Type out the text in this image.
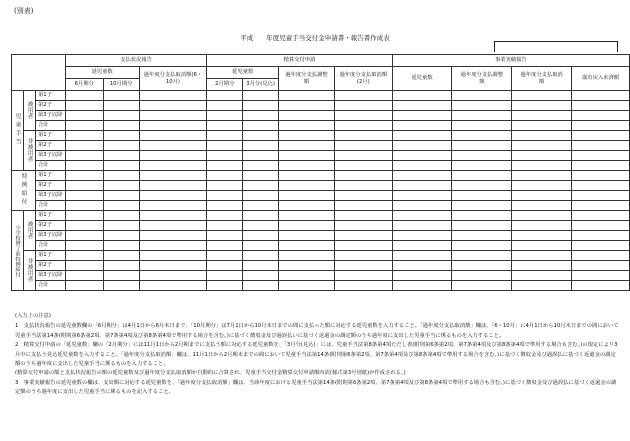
(別表)
平成　　年度児童手当交付金申請書・報告書作成表
			支払状況報告			精算交付申請				事業実績報告			
			延児童数		過年度分支払取消額(6・10月)	延児童数		過年度分支払調整額	過年度分支払取消額(2月)	延児童数	過年度分支払調整額	過年度分支払取消額	歳出戻入未済額
			6月期分	10月期分		2月期分	3月分(見込)						
児童手当	被用者	第1子											
		第2子											
		第3子以降											
		合計											
	非被用者	第1子											
		第2子											
		第3子以降											
		合計											
特例給付		第1子											
		第2子											
		第3子以降											
		合計											
小学校修了前特例給付	被用者	第1子											
		第2子											
		第3子以降											
		合計											
	非被用者	第1子											
		第2子											
		第3子以降											
		合計											
(入力上の注意)

1　支払状況報告の延児童数欄の「6月期分」は4月1日から6月末日まで、「10月期分」は7月1日から10月末日までの間に支払った額に対応する延児童数を入力すること。「過年度分支払取消額」欄は、「6・10月」に4月1日から10月末日までの間において児童手当法第14条(附則第6条第2項、第7条第4項及び第8条第4項で準用する場合を含む。)に基づく徴収金及び過誤払いに基づく返還金の調定額のうち過年度に支出した児童手当に係るものを入力すること。

2　精算交付申請の「延児童数」欄の「2月期分」には11月1日から2月期までに支払う額に対応する延児童数を、「3月分(見込)」には、児童手当法第8条第4項ただし書(附則第6条第2項、第7条第4項及び第8条第4項で準用する場合も含む。)の規定により3月中に支払う見込延児童数を入力すること。「過年度分支払取消額」欄は、11月1日から2月期末までの間において児童手当法第14条(附則第6条第2項、第7条第4項及び第8条第4項で準用する場合を含む。)に基づく徴収金及び過誤払に基づく返還金の調定額のうち過年度に支出した児童手当に係るものを入力すること。

(精算交付申請の額と支払状況報告の額の延児童数及び過年度分支払取消額が自動的に合算され、児童手当交付金精算交付申請額内訳(様式第3号別紙)が作成される。)

3　事業実績報告の延児童数の欄は、支出額に対応する延児童数を、「過年度分支払取消額」欄は、当該年度における児童手当法第14条(附則第6条第2項、第7条第4項及び第8条第4項で準用する場合も含む。)に基づく徴収金及び過誤払に基づく返還金の調定額のうち過年度に支出した児童手当に係るものを記入すること。
